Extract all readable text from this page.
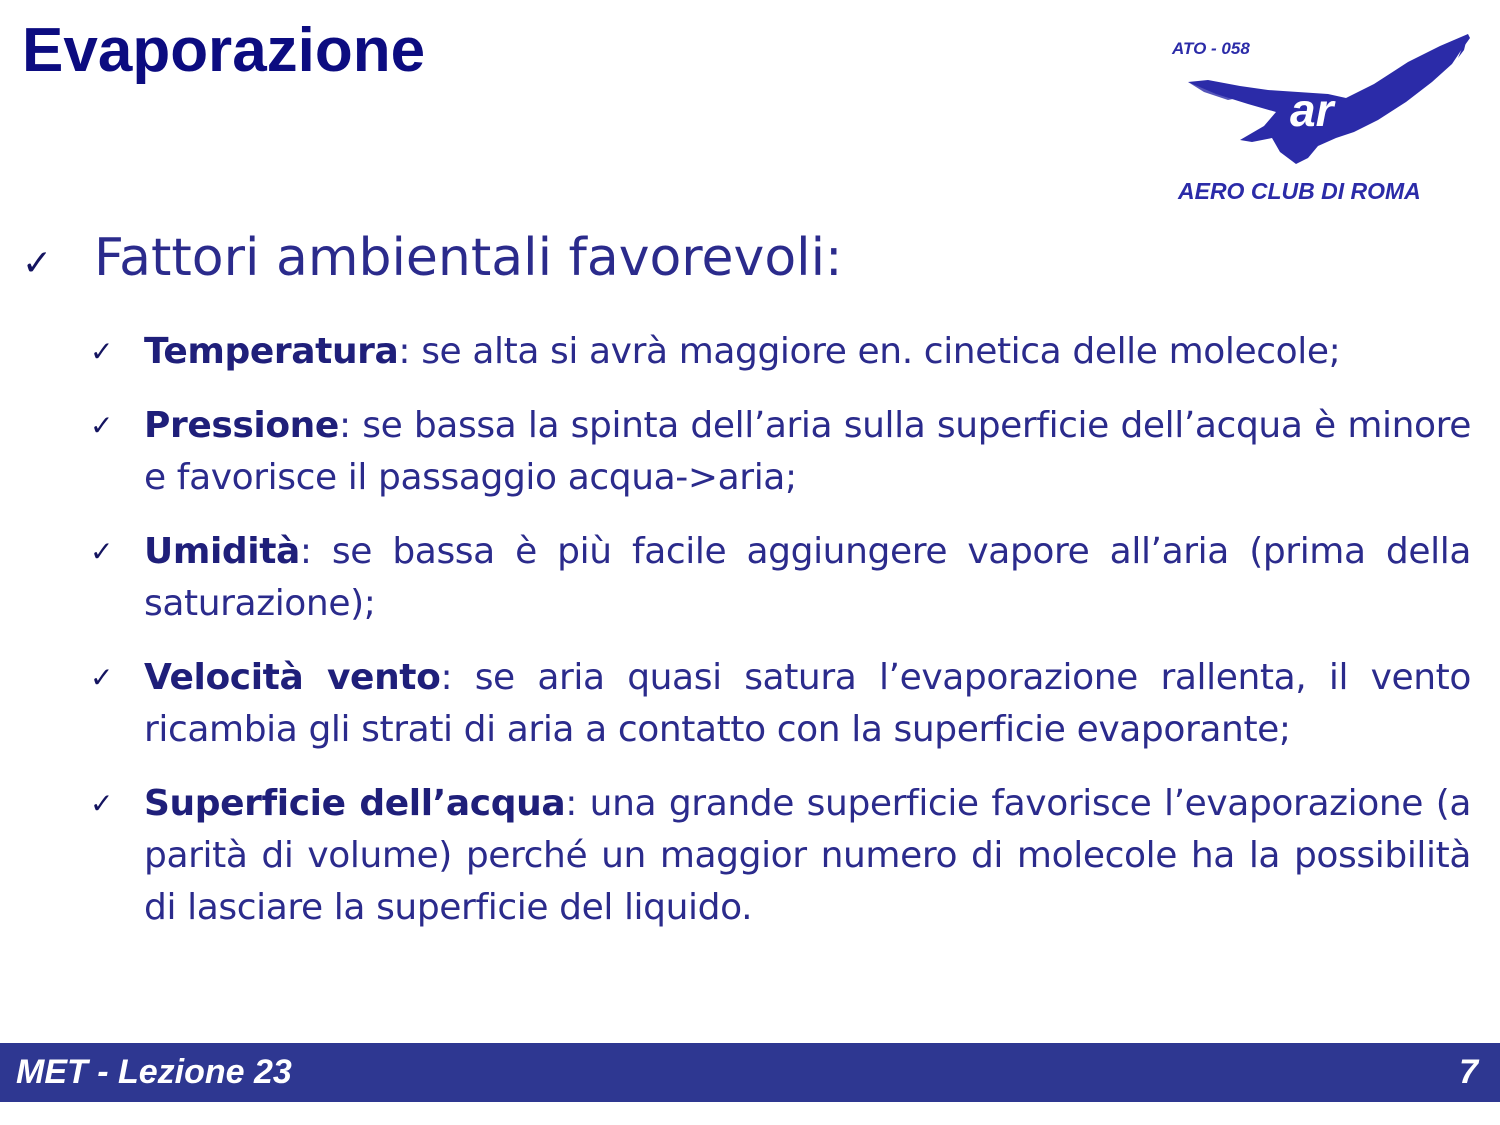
Evaporazione	ATO - 058
ar
AERO CLUB DI ROMA
✓ Fattori ambientali favorevoli:
✓ Temperatura: se alta si avrà maggiore en. cinetica delle molecole;
✓ Pressione: se bassa la spinta dell’aria sulla superficie dell’acqua è minore e favorisce il passaggio acqua->aria;
✓ Umidità: se bassa è più facile aggiungere vapore all’aria (prima della saturazione);
✓ Velocità vento: se aria quasi satura l’evaporazione rallenta, il vento ricambia gli strati di aria a contatto con la superficie evaporante;
✓ Superficie dell’acqua: una grande superficie favorisce l’evaporazione (a parità di volume) perché un maggior numero di molecole ha la possibilità di lasciare la superficie del liquido.
MET - Lezione 23	7
